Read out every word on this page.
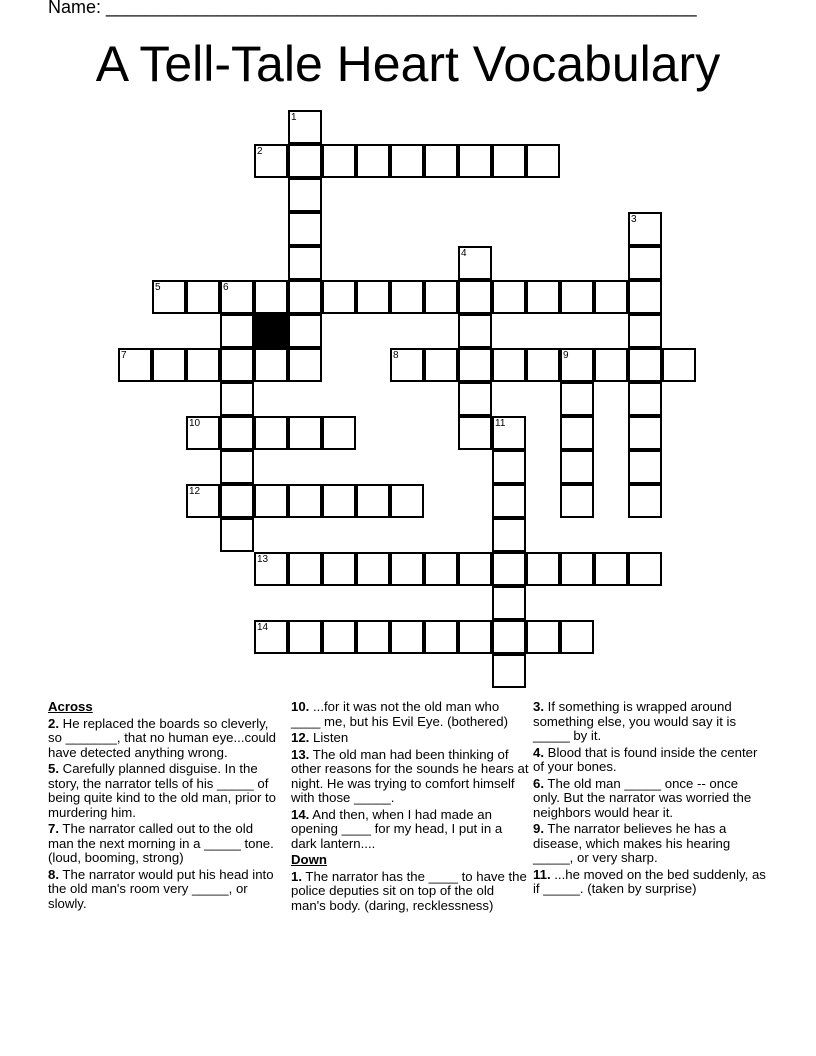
Name: ___________________________________________________________
A Tell-Tale Heart Vocabulary
1
2
3
4
5	6
7	8	9
10	11
12
13
14
Across

2. He replaced the boards so cleverly, so _______, that no human eye...could have detected anything wrong.

5. Carefully planned disguise. In the story, the narrator tells of his _____ of being quite kind to the old man, prior to murdering him.

7. The narrator called out to the old man the next morning in a _____ tone. (loud, booming, strong)

8. The narrator would put his head into the old man's room very _____, or slowly.

10. ...for it was not the old man who ____ me, but his Evil Eye. (bothered)

12. Listen

13. The old man had been thinking of other reasons for the sounds he hears at night. He was trying to comfort himself with those _____.

14. And then, when I had made an opening ____ for my head, I put in a dark lantern....

Down

1. The narrator has the ____ to have the police deputies sit on top of the old man's body. (daring, recklessness)

3. If something is wrapped around something else, you would say it is _____ by it.

4. Blood that is found inside the center of your bones.

6. The old man _____ once -- once only. But the narrator was worried the neighbors would hear it.

9. The narrator believes he has a disease, which makes his hearing _____, or very sharp.

11. ...he moved on the bed suddenly, as if _____. (taken by surprise)
